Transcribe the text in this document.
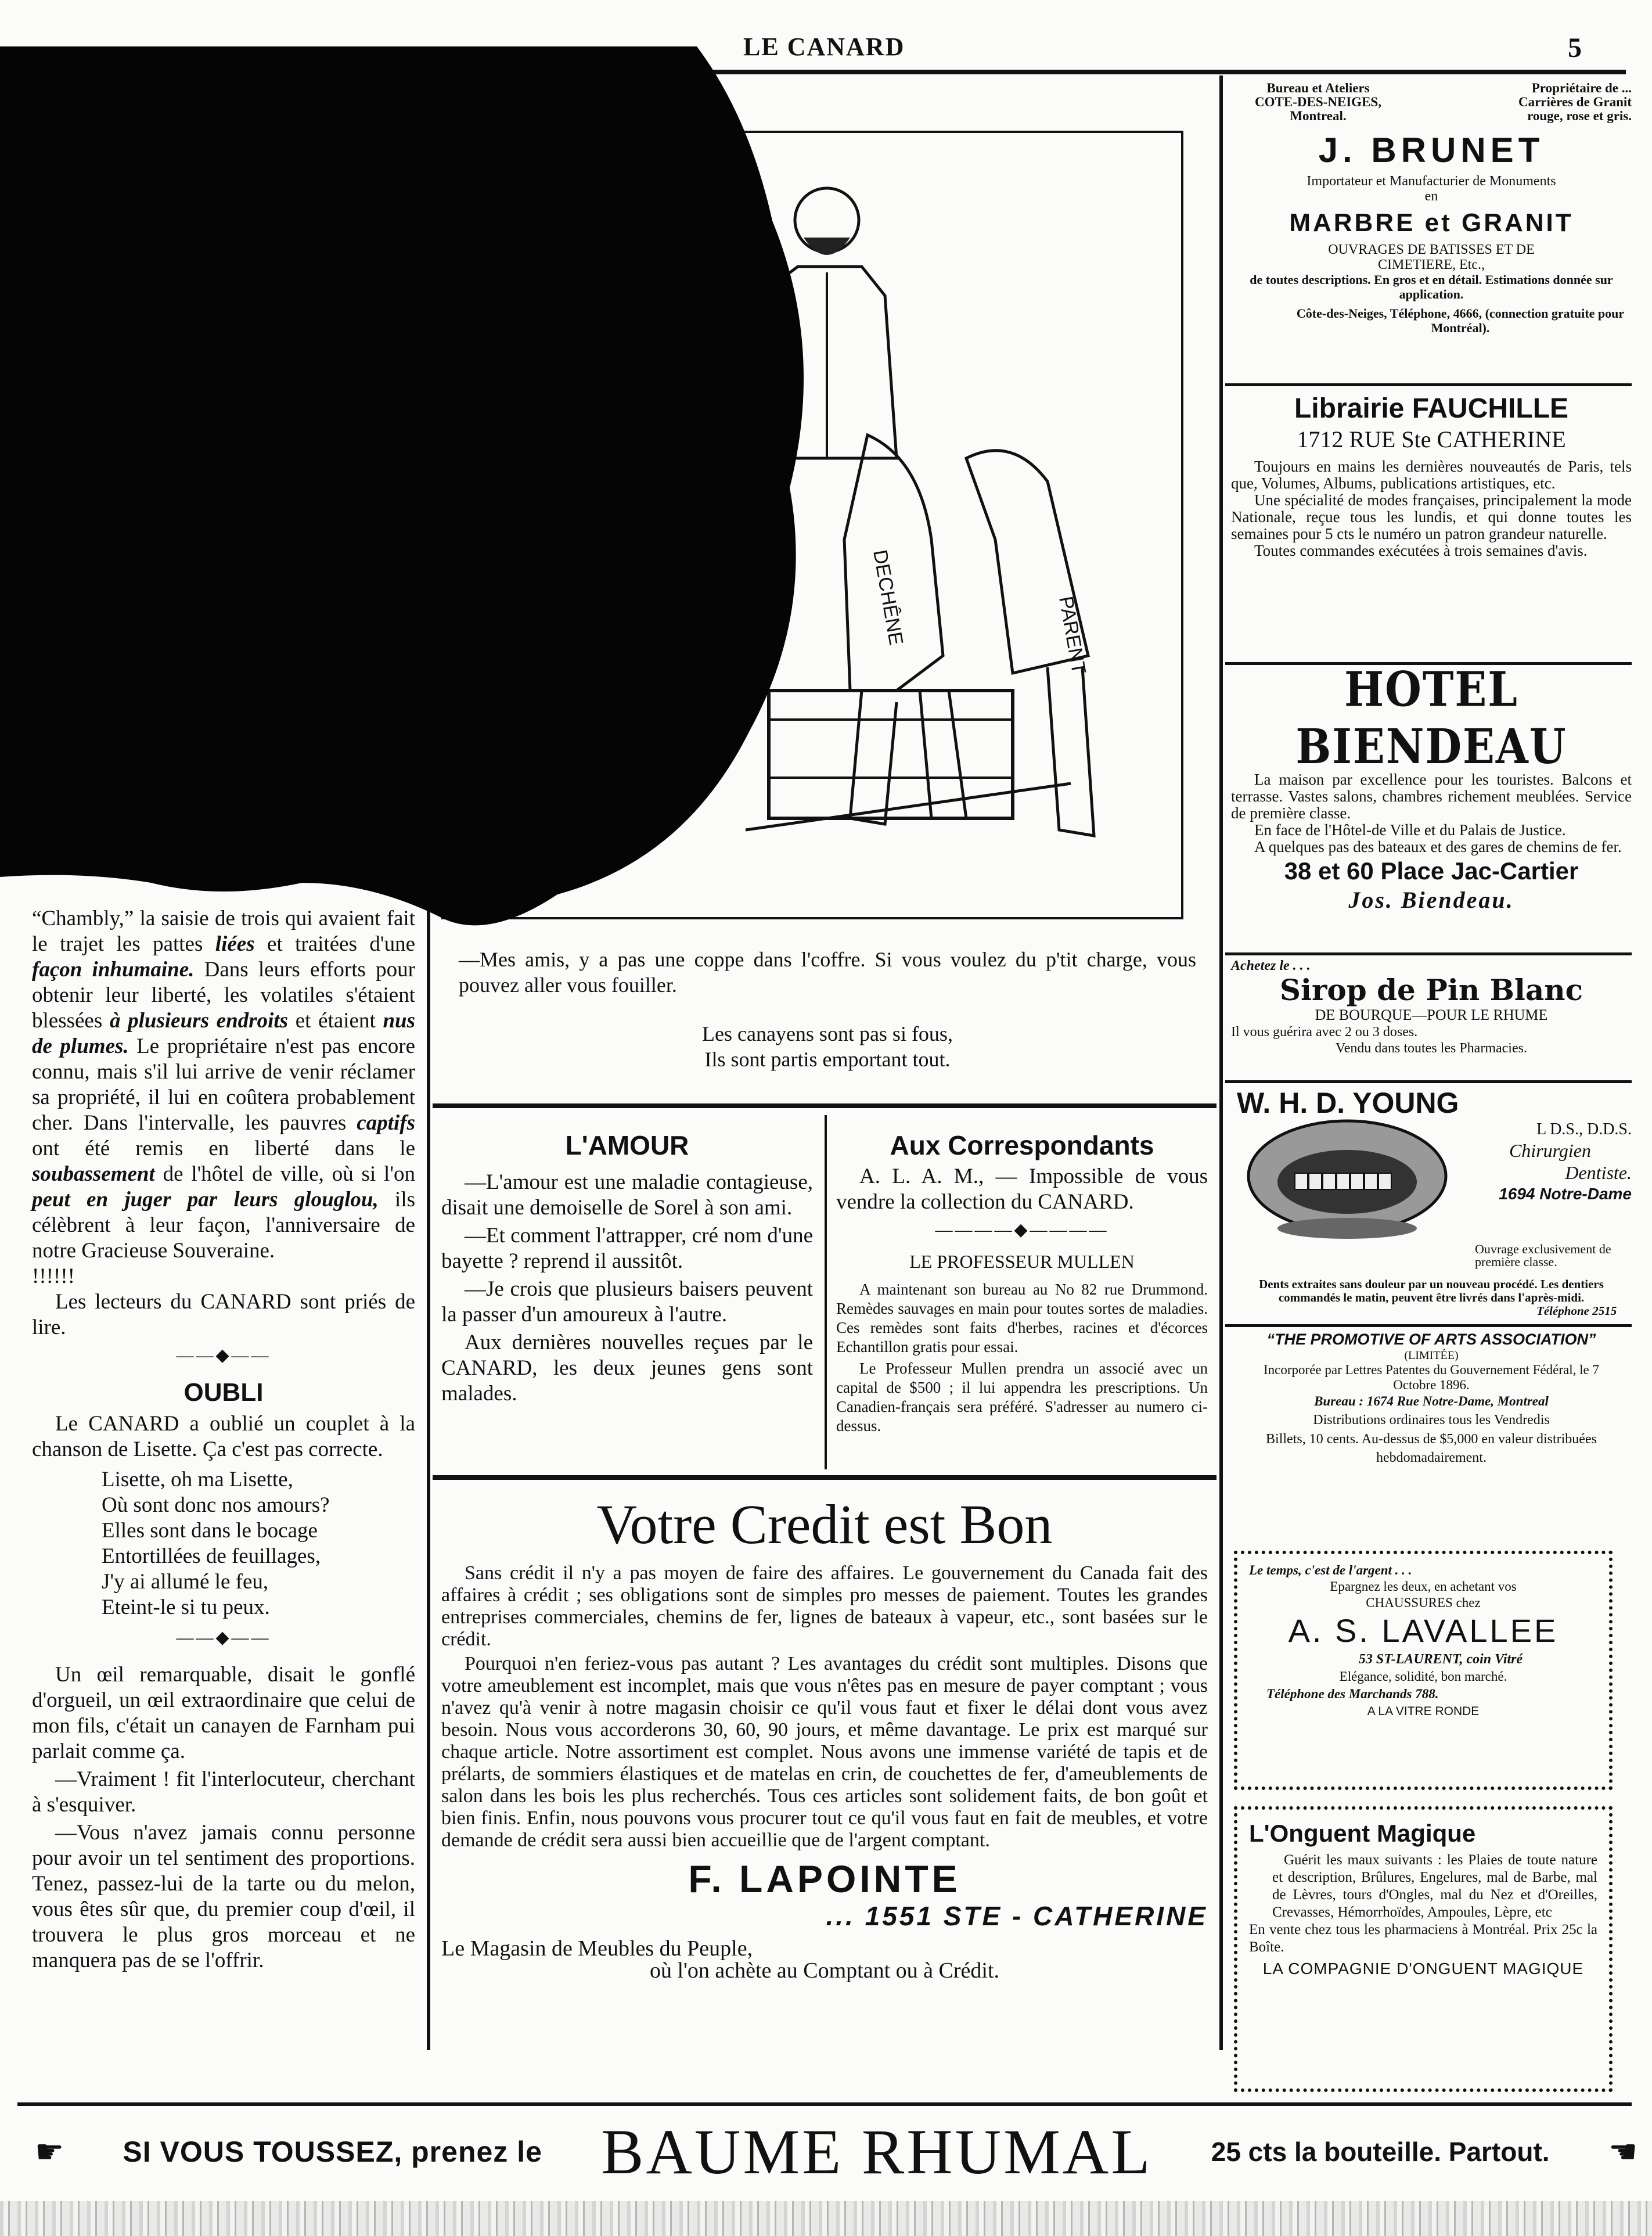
LE CANARD	5
DECHÊNE	PARENT

—Mes amis, y a pas une coppe dans l'coffre. Si vous voulez du p'tit charge, vous pouvez aller vous fouiller.

Les canayens sont pas si fous,
Ils sont partis emportant tout.
“Chambly,” la saisie de trois qui avaient fait le trajet les pattes liées et traitées d'une façon inhumaine. Dans leurs efforts pour obtenir leur liberté, les volatiles s'étaient blessées à plusieurs endroits et étaient nus de plumes. Le propriétaire n'est pas encore connu, mais s'il lui arrive de venir réclamer sa propriété, il lui en coûtera probablement cher. Dans l'intervalle, les pauvres captifs ont été remis en liberté dans le soubassement de l'hôtel de ville, où si l'on peut en juger par leurs glouglou, ils célèbrent à leur façon, l'anniversaire de notre Gracieuse Souveraine.
!!!!!!

Les lecteurs du CANARD sont priés de lire.

——◆——
OUBLI

Le CANARD a oublié un couplet à la chanson de Lisette. Ça c'est pas correcte.

Lisette, oh ma Lisette,
Où sont donc nos amours?
Elles sont dans le bocage
Entortillées de feuillages,
J'y ai allumé le feu,
Eteint-le si tu peux.
——◆——

Un œil remarquable, disait le gonflé d'orgueil, un œil extraordinaire que celui de mon fils, c'était un canayen de Farnham pui parlait comme ça.

—Vraiment ! fit l'interlocuteur, cherchant à s'esquiver.

—Vous n'avez jamais connu personne pour avoir un tel sentiment des proportions. Tenez, passez-lui de la tarte ou du melon, vous êtes sûr que, du premier coup d'œil, il trouvera le plus gros morceau et ne manquera pas de se l'offrir.

L'AMOUR

—L'amour est une maladie contagieuse, disait une demoiselle de Sorel à son ami.

—Et comment l'attrapper, cré nom d'une bayette ? reprend il aussitôt.

—Je crois que plusieurs baisers peuvent la passer d'un amoureux à l'autre.

Aux dernières nouvelles reçues par le CANARD, les deux jeunes gens sont malades.

Aux Correspondants

A. L. A. M., — Impossible de vous vendre la collection du CANARD.

————◆————
LE PROFESSEUR MULLEN

A maintenant son bureau au No 82 rue Drummond. Remèdes sauvages en main pour toutes sortes de maladies. Ces remèdes sont faits d'herbes, racines et d'écorces Echantillon gratis pour essai.

Le Professeur Mullen prendra un associé avec un capital de $500 ; il lui appendra les prescriptions. Un Canadien-français sera préféré. S'adresser au numero ci-dessus.

Votre Credit est Bon

Sans crédit il n'y a pas moyen de faire des affaires. Le gouvernement du Canada fait des affaires à crédit ; ses obligations sont de simples pro messes de paiement. Toutes les grandes entreprises commerciales, chemins de fer, lignes de bateaux à vapeur, etc., sont basées sur le crédit.

Pourquoi n'en feriez-vous pas autant ? Les avantages du crédit sont multiples. Disons que votre ameublement est incomplet, mais que vous n'êtes pas en mesure de payer comptant ; vous n'avez qu'à venir à notre magasin choisir ce qu'il vous faut et fixer le délai dont vous avez besoin. Nous vous accorderons 30, 60, 90 jours, et même davantage. Le prix est marqué sur chaque article. Notre assortiment est complet. Nous avons une immense variété de tapis et de prélarts, de sommiers élastiques et de matelas en crin, de couchettes de fer, d'ameublements de salon dans les bois les plus recherchés. Tous ces articles sont solidement faits, de bon goût et bien finis. Enfin, nous pouvons vous procurer tout ce qu'il vous faut en fait de meubles, et votre demande de crédit sera aussi bien accueillie que de l'argent comptant.

F. LAPOINTE
... 1551 STE - CATHERINE
Le Magasin de Meubles du Peuple,
où l'on achète au Comptant ou à Crédit.
Bureau et Ateliers
COTE-DES-NEIGES,
Montreal.
Propriétaire de ...
Carrières de Granit
rouge, rose et gris.
J. BRUNET
Importateur et Manufacturier de Monuments en
MARBRE et GRANIT
OUVRAGES DE BATISSES ET DE CIMETIERE, Etc.,
de toutes descriptions. En gros et en détail. Estimations donnée sur application.
Côte-des-Neiges, Téléphone, 4666, (connection gratuite pour Montréal).
Librairie FAUCHILLE
1712 RUE Ste CATHERINE
Toujours en mains les dernières nouveautés de Paris, tels que, Volumes, Albums, publications artistiques, etc.
Une spécialité de modes françaises, principalement la mode Nationale, reçue tous les lundis, et qui donne toutes les semaines pour 5 cts le numéro un patron grandeur naturelle.
Toutes commandes exécutées à trois semaines d'avis.
HOTEL BIENDEAU
La maison par excellence pour les touristes. Balcons et terrasse. Vastes salons, chambres richement meublées. Service de première classe.
En face de l'Hôtel-de Ville et du Palais de Justice.
A quelques pas des bateaux et des gares de chemins de fer.
38 et 60 Place Jac-Cartier
Jos. Biendeau.
Achetez le . . .
Sirop de Pin Blanc
DE BOURQUE—POUR LE RHUME
Il vous guérira avec 2 ou 3 doses.
Vendu dans toutes les Pharmacies.
W. H. D. YOUNG
L D.S., D.D.S.
Chirurgien
Dentiste.
1694 Notre-Dame
Ouvrage exclusivement de première classe.
Dents extraites sans douleur par un nouveau procédé. Les dentiers commandés le matin, peuvent être livrés dans l'après-midi.
Téléphone 2515
“THE PROMOTIVE OF ARTS ASSOCIATION”
(LIMITÉE)
Incorporée par Lettres Patentes du Gouvernement Fédéral, le 7 Octobre 1896.
Bureau : 1674 Rue Notre-Dame, Montreal
Distributions ordinaires tous les Vendredis
Billets, 10 cents. Au-dessus de $5,000 en valeur distribuées hebdomadairement.
Le temps, c'est de l'argent . . .
Epargnez les deux, en achetant vos
CHAUSSURES chez
A. S. LAVALLEE
53 ST-LAURENT, coin Vitré
Elégance, solidité, bon marché.
Téléphone des Marchands 788.
A LA VITRE RONDE
L'Onguent Magique
Guérit les maux suivants : les Plaies de toute nature et description, Brûlures, Engelures, mal de Barbe, mal de Lèvres, tours d'Ongles, mal du Nez et d'Oreilles, Crevasses, Hémorrhoïdes, Ampoules, Lèpre, etc
En vente chez tous les pharmaciens à Montréal. Prix 25c la Boîte.
LA COMPAGNIE D'ONGUENT MAGIQUE
☛ SI VOUS TOUSSEZ, prenez le BAUME RHUMAL 25 cts la bouteille. Partout. ☛
